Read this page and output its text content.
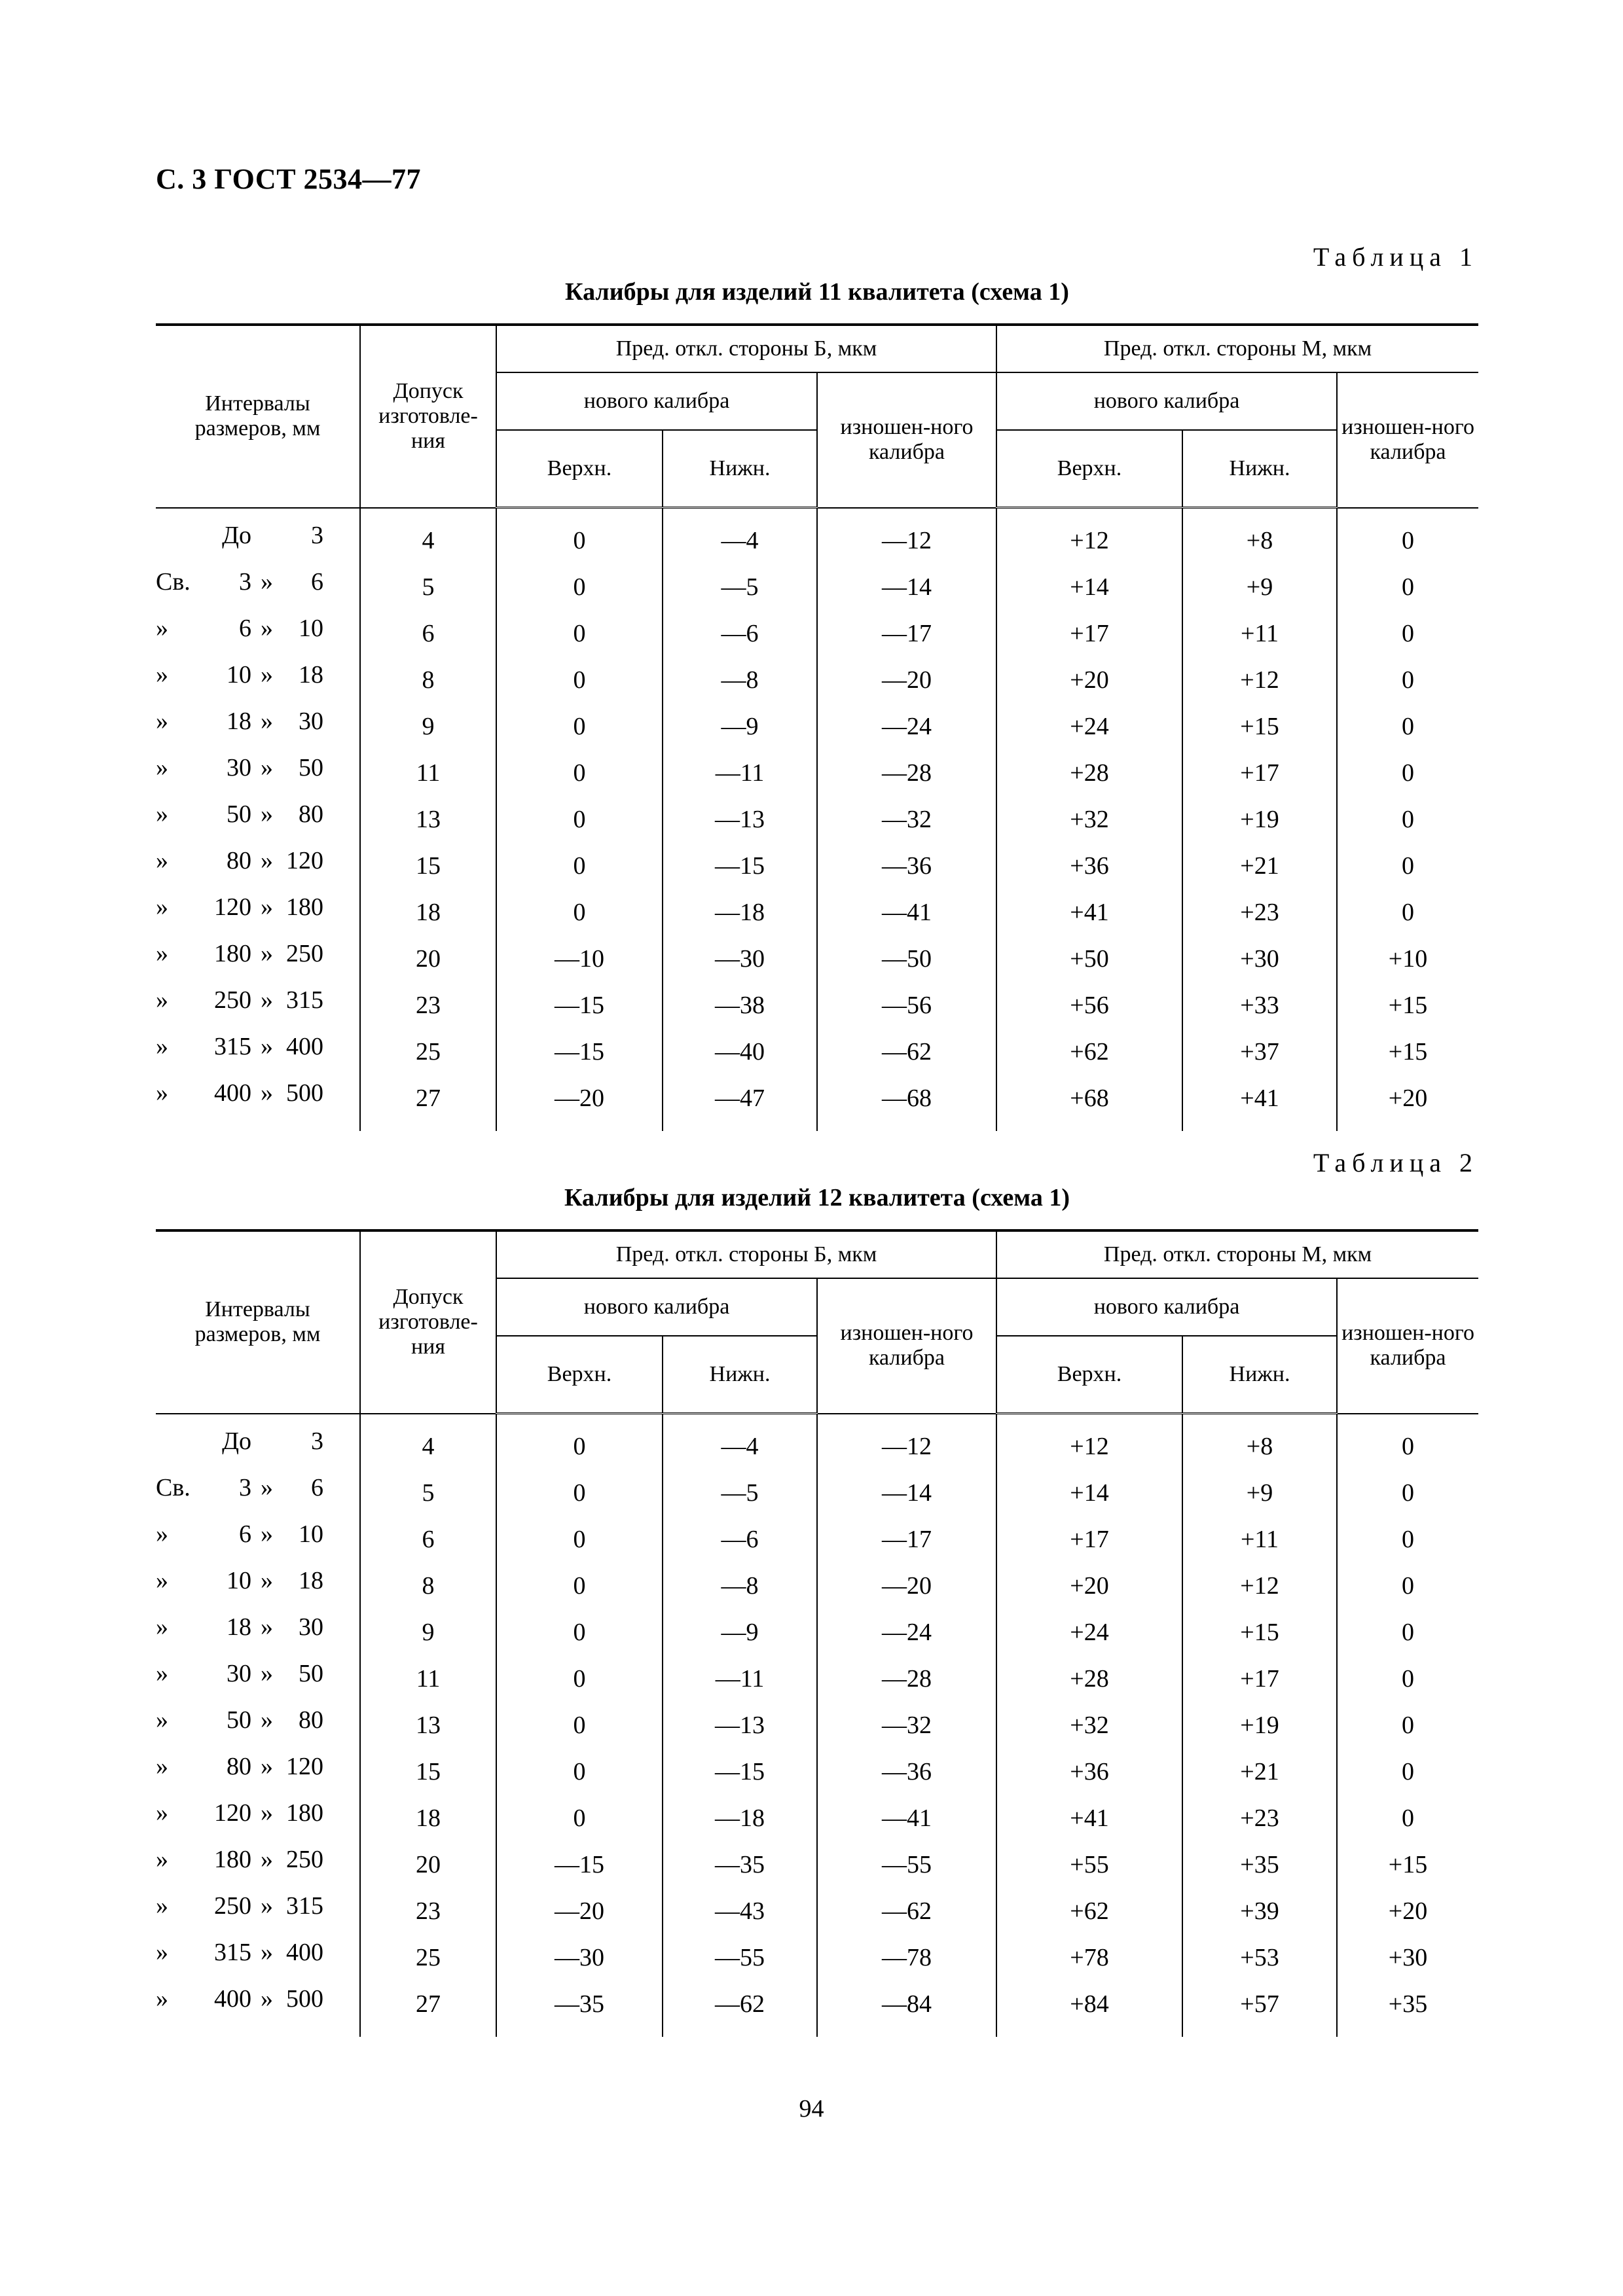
С. 3 ГОСТ 2534—77
Таблица 1
Калибры для изделий 11 квалитета (схема 1)
Интервалы размеров, мм	Допуск изготовле-ния	Пред. откл. стороны Б, мкм			Пред. откл. стороны М, мкм		
		нового калибра		изношен-ного калибра	нового калибра		изношен-ного калибра
		Верхн.	Нижн.		Верхн.	Нижн.	

До 3	4	0	—4	—12	+12	+8	0

Св. 3 » 6	5	0	—5	—14	+14	+9	0

» 6 » 10	6	0	—6	—17	+17	+11	0

» 10 » 18	8	0	—8	—20	+20	+12	0

» 18 » 30	9	0	—9	—24	+24	+15	0

» 30 » 50	11	0	—11	—28	+28	+17	0

» 50 » 80	13	0	—13	—32	+32	+19	0

» 80 » 120	15	0	—15	—36	+36	+21	0

» 120 » 180	18	0	—18	—41	+41	+23	0

» 180 » 250	20	—10	—30	—50	+50	+30	+10

» 250 » 315	23	—15	—38	—56	+56	+33	+15

» 315 » 400	25	—15	—40	—62	+62	+37	+15

» 400 » 500	27	—20	—47	—68	+68	+41	+20
Таблица 2
Калибры для изделий 12 квалитета (схема 1)
Интервалы размеров, мм	Допуск изготовле-ния	Пред. откл. стороны Б, мкм			Пред. откл. стороны М, мкм		
		нового калибра		изношен-ного калибра	нового калибра		изношен-ного калибра
		Верхн.	Нижн.		Верхн.	Нижн.	

До 3	4	0	—4	—12	+12	+8	0

Св. 3 » 6	5	0	—5	—14	+14	+9	0

» 6 » 10	6	0	—6	—17	+17	+11	0

» 10 » 18	8	0	—8	—20	+20	+12	0

» 18 » 30	9	0	—9	—24	+24	+15	0

» 30 » 50	11	0	—11	—28	+28	+17	0

» 50 » 80	13	0	—13	—32	+32	+19	0

» 80 » 120	15	0	—15	—36	+36	+21	0

» 120 » 180	18	0	—18	—41	+41	+23	0

» 180 » 250	20	—15	—35	—55	+55	+35	+15

» 250 » 315	23	—20	—43	—62	+62	+39	+20

» 315 » 400	25	—30	—55	—78	+78	+53	+30

» 400 » 500	27	—35	—62	—84	+84	+57	+35
94
